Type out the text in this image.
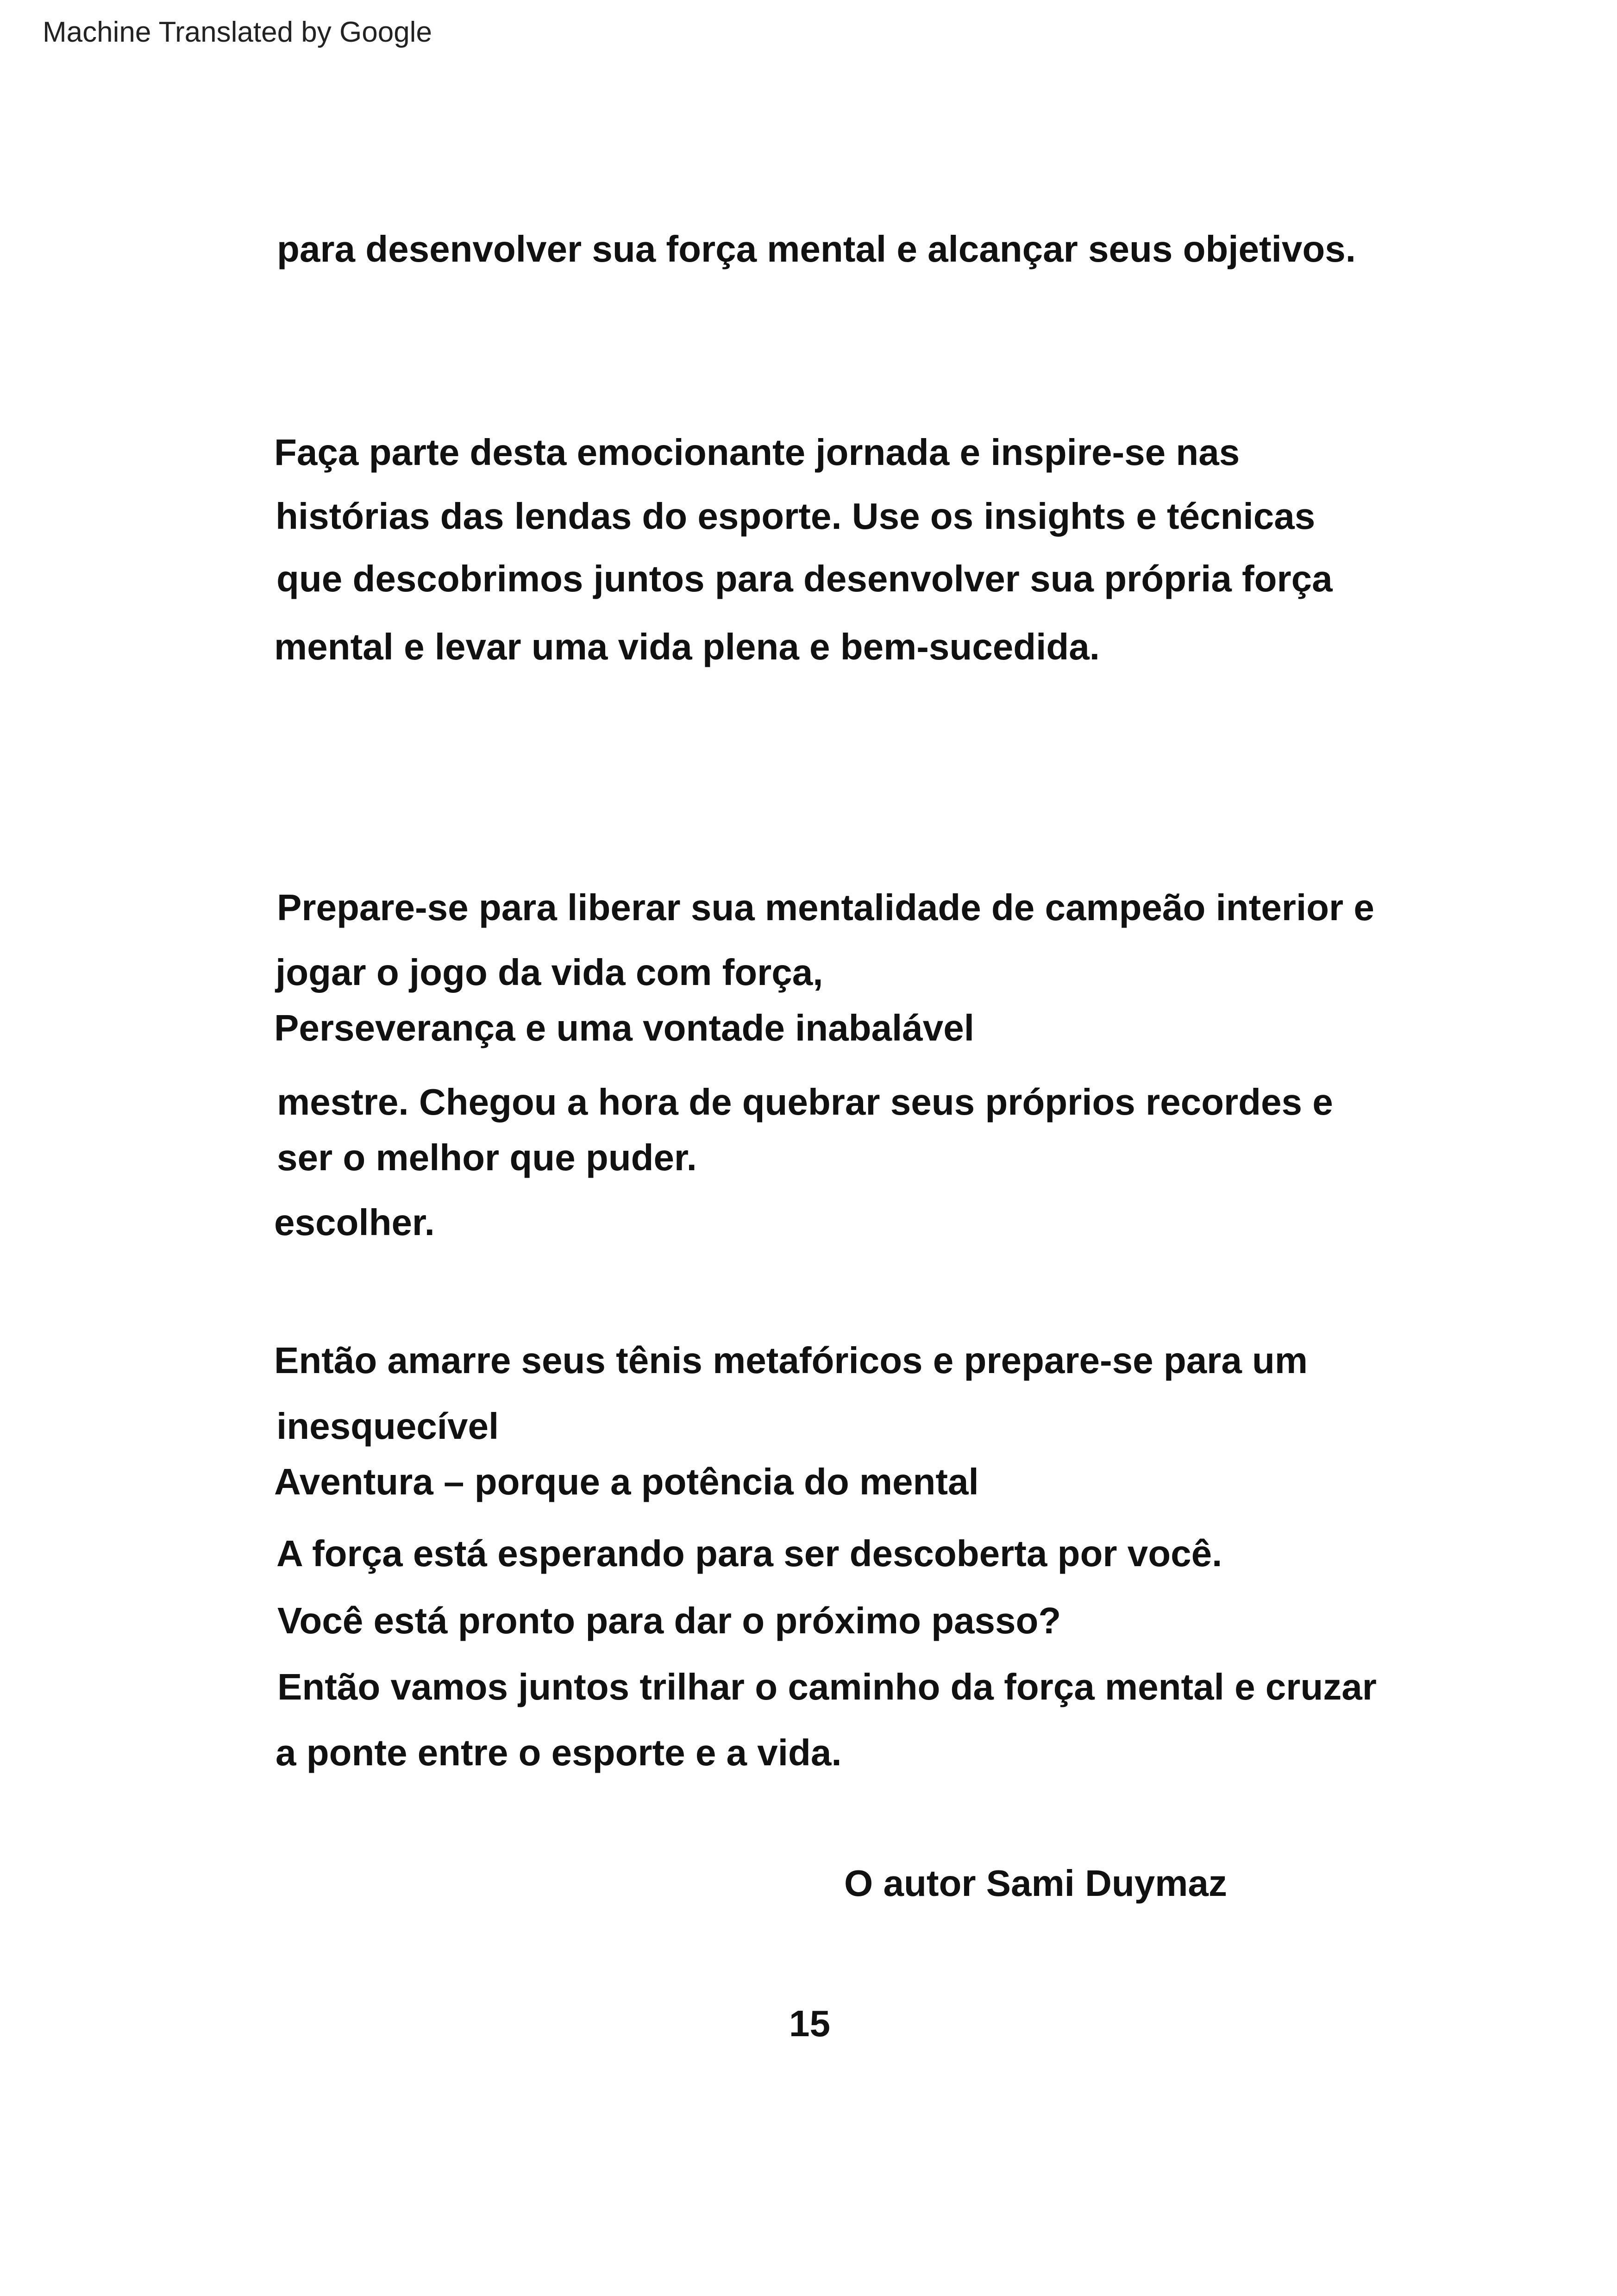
Machine Translated by Google
para desenvolver sua força mental e alcançar seus objetivos.
Faça parte desta emocionante jornada e inspire-se nas
histórias das lendas do esporte. Use os insights e técnicas
que descobrimos juntos para desenvolver sua própria força
mental e levar uma vida plena e bem-sucedida.
Prepare-se para liberar sua mentalidade de campeão interior e
jogar o jogo da vida com força,
Perseverança e uma vontade inabalável
mestre. Chegou a hora de quebrar seus próprios recordes e
ser o melhor que puder.
escolher.
Então amarre seus tênis metafóricos e prepare-se para um
inesquecível
Aventura – porque a potência do mental
A força está esperando para ser descoberta por você.
Você está pronto para dar o próximo passo?
Então vamos juntos trilhar o caminho da força mental e cruzar
a ponte entre o esporte e a vida.
O autor Sami Duymaz
15
